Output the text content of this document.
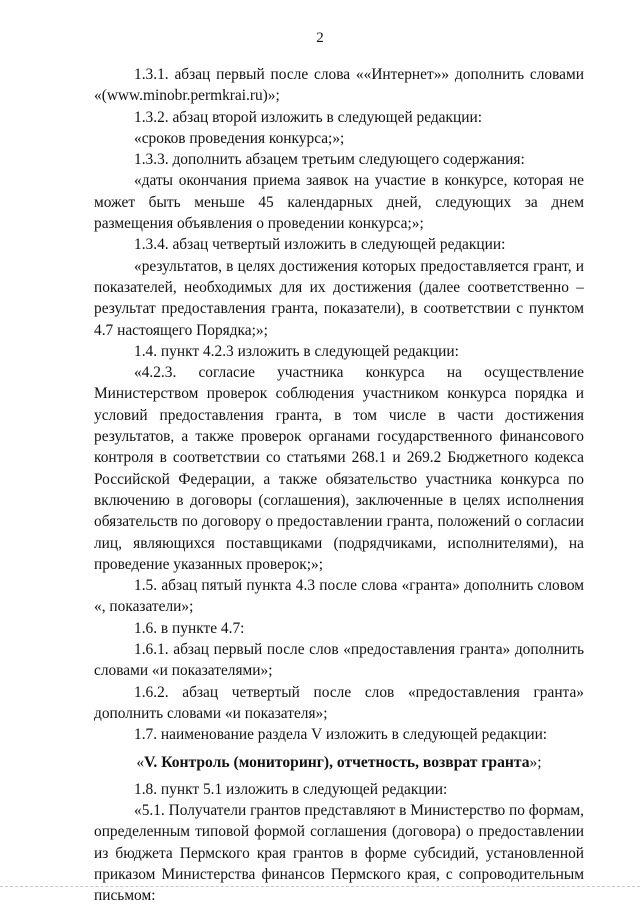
2

1.3.1. абзац первый после слова ««Интернет»» дополнить словами «(www.minobr.permkrai.ru)»;

1.3.2. абзац второй изложить в следующей редакции:

«сроков проведения конкурса;»;

1.3.3. дополнить абзацем третьим следующего содержания:

«даты окончания приема заявок на участие в конкурсе, которая не может быть меньше 45 календарных дней, следующих за днем размещения объявления о проведении конкурса;»;

1.3.4. абзац четвертый изложить в следующей редакции:

«результатов, в целях достижения которых предоставляется грант, и показателей, необходимых для их достижения (далее соответственно – результат предоставления гранта, показатели), в соответствии с пунктом 4.7 настоящего Порядка;»;

1.4. пункт 4.2.3 изложить в следующей редакции:

«4.2.3. согласие участника конкурса на осуществление Министерством проверок соблюдения участником конкурса порядка и условий предоставления гранта, в том числе в части достижения результатов, а также проверок органами государственного финансового контроля в соответствии со статьями 268.1 и 269.2 Бюджетного кодекса Российской Федерации, а также обязательство участника конкурса по включению в договоры (соглашения), заключенные в целях исполнения обязательств по договору о предоставлении гранта, положений о согласии лиц, являющихся поставщиками (подрядчиками, исполнителями), на проведение указанных проверок;»;

1.5. абзац пятый пункта 4.3 после слова «гранта» дополнить словом «, показатели»;

1.6. в пункте 4.7:

1.6.1. абзац первый после слов «предоставления гранта» дополнить словами «и показателями»;

1.6.2. абзац четвертый после слов «предоставления гранта» дополнить словами «и показателя»;

1.7. наименование раздела V изложить в следующей редакции:

«V. Контроль (мониторинг), отчетность, возврат гранта»;

1.8. пункт 5.1 изложить в следующей редакции:

«5.1. Получатели грантов представляют в Министерство по формам, определенным типовой формой соглашения (договора) о предоставлении из бюджета Пермского края грантов в форме субсидий, установленной приказом Министерства финансов Пермского края, с сопроводительным письмом:
